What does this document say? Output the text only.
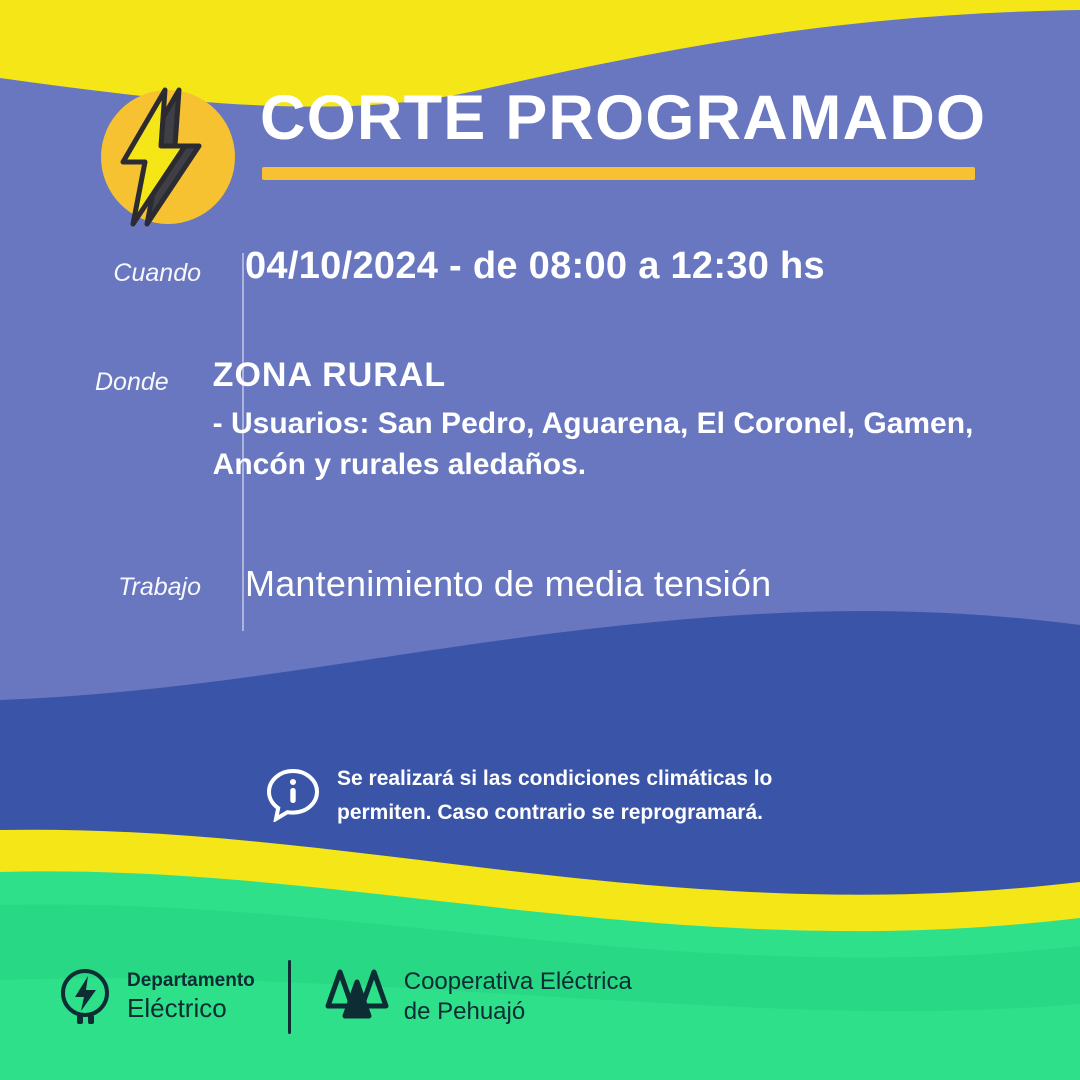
CORTE PROGRAMADO
Cuando	04/10/2024 - de 08:00 a 12:30 hs
Donde	ZONA RURAL
- Usuarios: San Pedro, Aguarena, El Coronel, Gamen, Ancón y rurales aledaños.
Trabajo	Mantenimiento de media tensión
Se realizará si las condiciones climáticas lo permiten. Caso contrario se reprogramará.
Departamento
Eléctrico
Cooperativa Eléctrica
de Pehuajó
